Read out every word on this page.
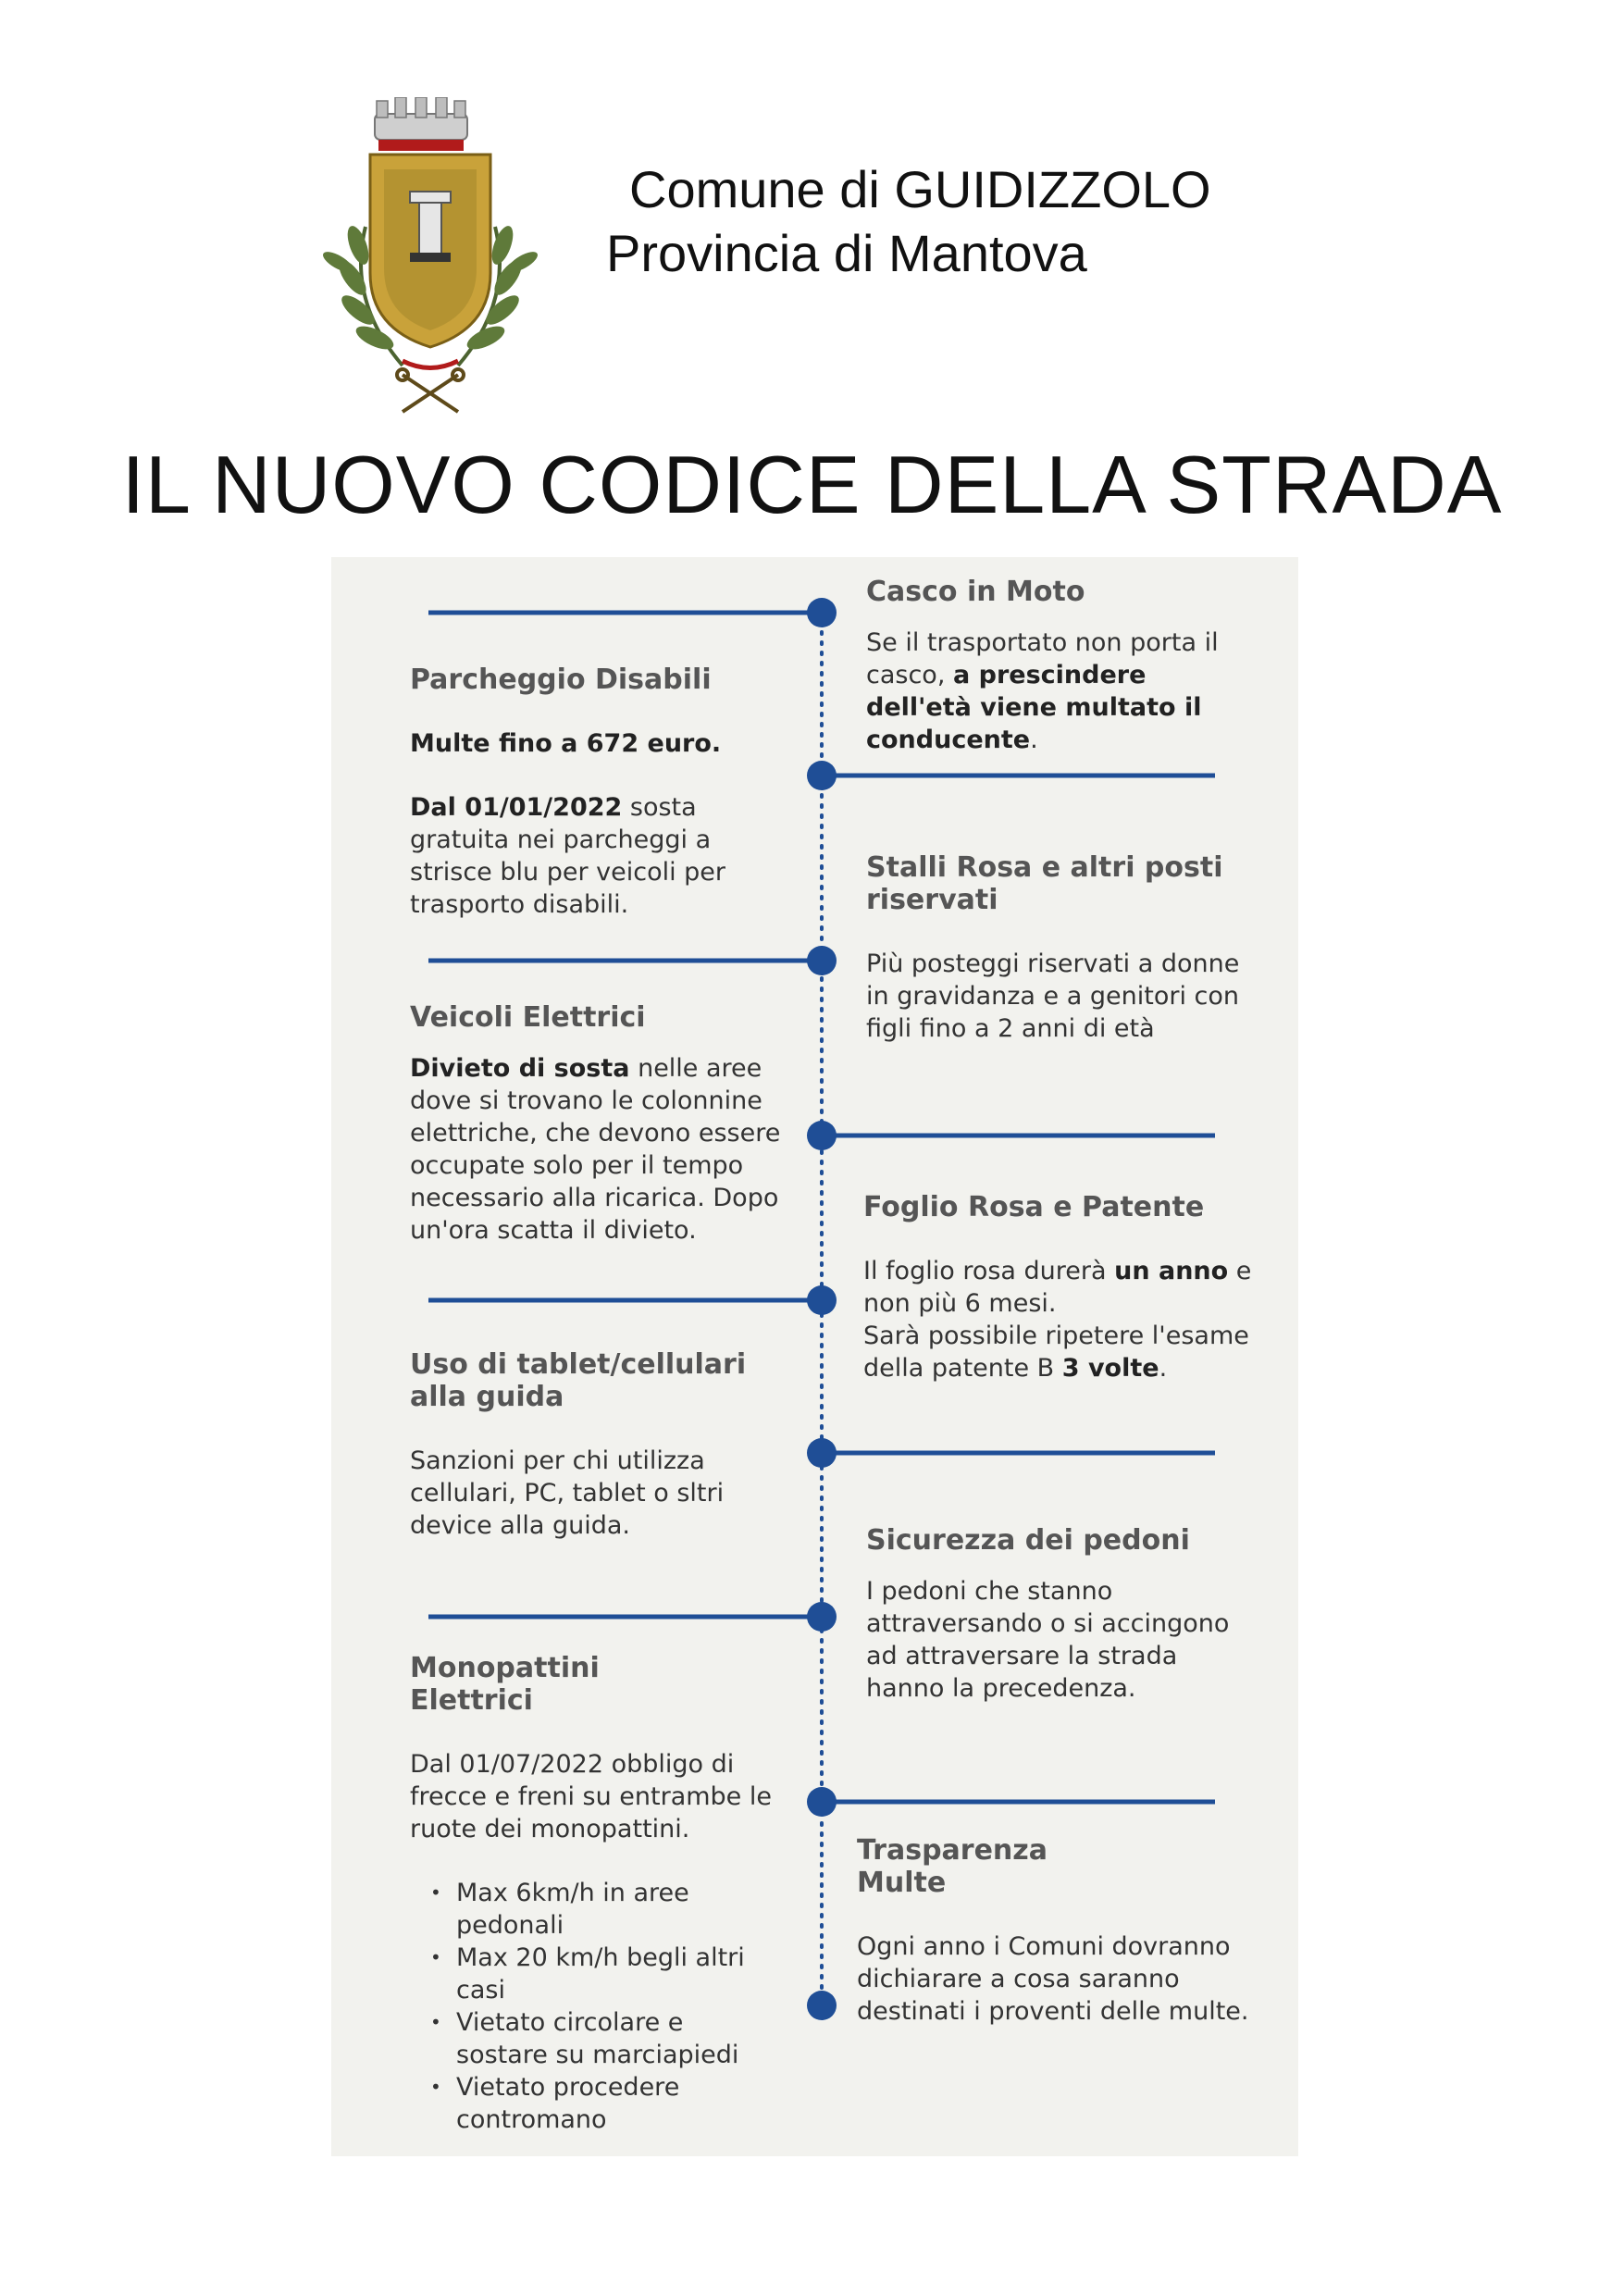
Comune di GUIDIZZOLO
Provincia di Mantova
IL NUOVO CODICE DELLA STRADA

Parcheggio Disabili

Multe fino a 672 euro.

Dal 01/01/2022 sosta gratuita nei parcheggi a strisce blu per veicoli per trasporto disabili.

Veicoli Elettrici

Divieto di sosta nelle aree dove si trovano le colonnine elettriche, che devono essere occupate solo per il tempo necessario alla ricarica. Dopo un'ora scatta il divieto.

Uso di tablet/cellulari alla guida

Sanzioni per chi utilizza cellulari, PC, tablet o sltri device alla guida.

Monopattini Elettrici

Dal 01/07/2022 obbligo di frecce e freni su entrambe le ruote dei monopattini.

• Max 6km/h in aree pedonali
• Max 20 km/h begli altri casi
• Vietato circolare e sostare su marciapiedi
• Vietato procedere contromano

Casco in Moto

Se il trasportato non porta il casco, a prescindere dell'età viene multato il conducente.

Stalli Rosa e altri posti riservati

Più posteggi riservati a donne in gravidanza e a genitori con figli fino a 2 anni di età

Foglio Rosa e Patente

Il foglio rosa durerà un anno e non più 6 mesi.

Sarà possibile ripetere l'esame della patente B 3 volte.

Sicurezza dei pedoni

I pedoni che stanno attraversando o si accingono ad attraversare la strada hanno la precedenza.

Trasparenza Multe

Ogni anno i Comuni dovranno dichiarare a cosa saranno destinati i proventi delle multe.
